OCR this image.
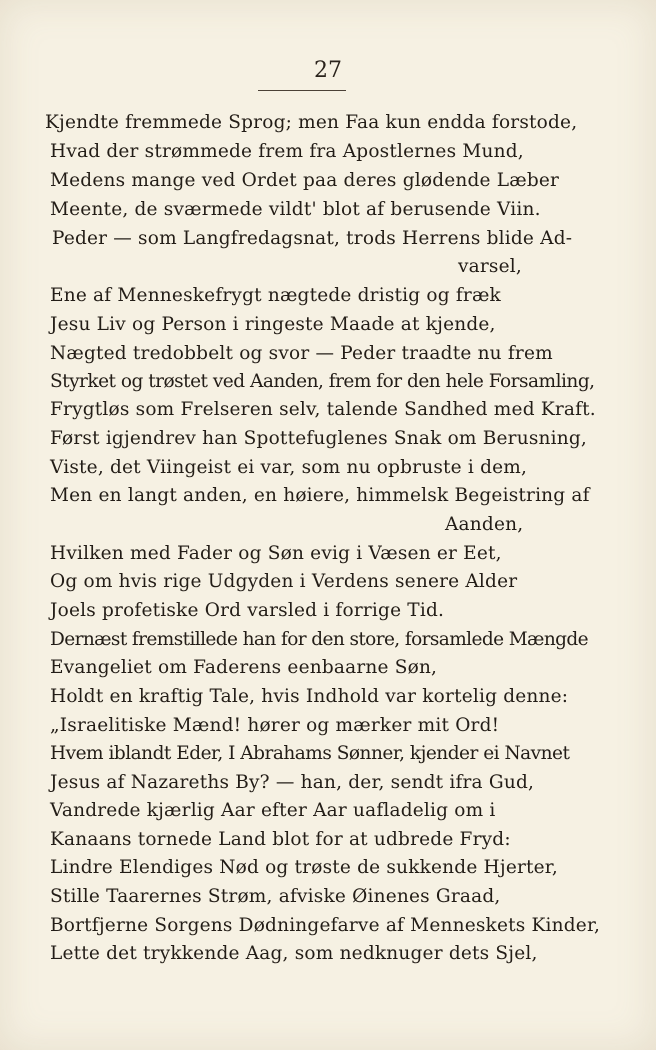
27
Kjendte fremmede Sprog; men Faa kun endda forstode,
Hvad der strømmede frem fra Apostlernes Mund,
Medens mange ved Ordet paa deres glødende Læber
Meente, de sværmede vildt' blot af berusende Viin.
Peder — som Langfredagsnat, trods Herrens blide Ad-
varsel,
Ene af Menneskefrygt nægtede dristig og fræk
Jesu Liv og Person i ringeste Maade at kjende,
Nægted tredobbelt og svor — Peder traadte nu frem
Styrket og trøstet ved Aanden, frem for den hele Forsamling,
Frygtløs som Frelseren selv, talende Sandhed med Kraft.
Først igjendrev han Spottefuglenes Snak om Berusning,
Viste, det Viingeist ei var, som nu opbruste i dem,
Men en langt anden, en høiere, himmelsk Begeistring af
Aanden,
Hvilken med Fader og Søn evig i Væsen er Eet,
Og om hvis rige Udgyden i Verdens senere Alder
Joels profetiske Ord varsled i forrige Tid.
Dernæst fremstillede han for den store, forsamlede Mængde
Evangeliet om Faderens eenbaarne Søn,
Holdt en kraftig Tale, hvis Indhold var kortelig denne:
„Israelitiske Mænd! hører og mærker mit Ord!
Hvem iblandt Eder, I Abrahams Sønner, kjender ei Navnet
Jesus af Nazareths By? — han, der, sendt ifra Gud,
Vandrede kjærlig Aar efter Aar uafladelig om i
Kanaans tornede Land blot for at udbrede Fryd:
Lindre Elendiges Nød og trøste de sukkende Hjerter,
Stille Taarernes Strøm, afviske Øinenes Graad,
Bortfjerne Sorgens Dødningefarve af Menneskets Kinder,
Lette det trykkende Aag, som nedknuger dets Sjel,
